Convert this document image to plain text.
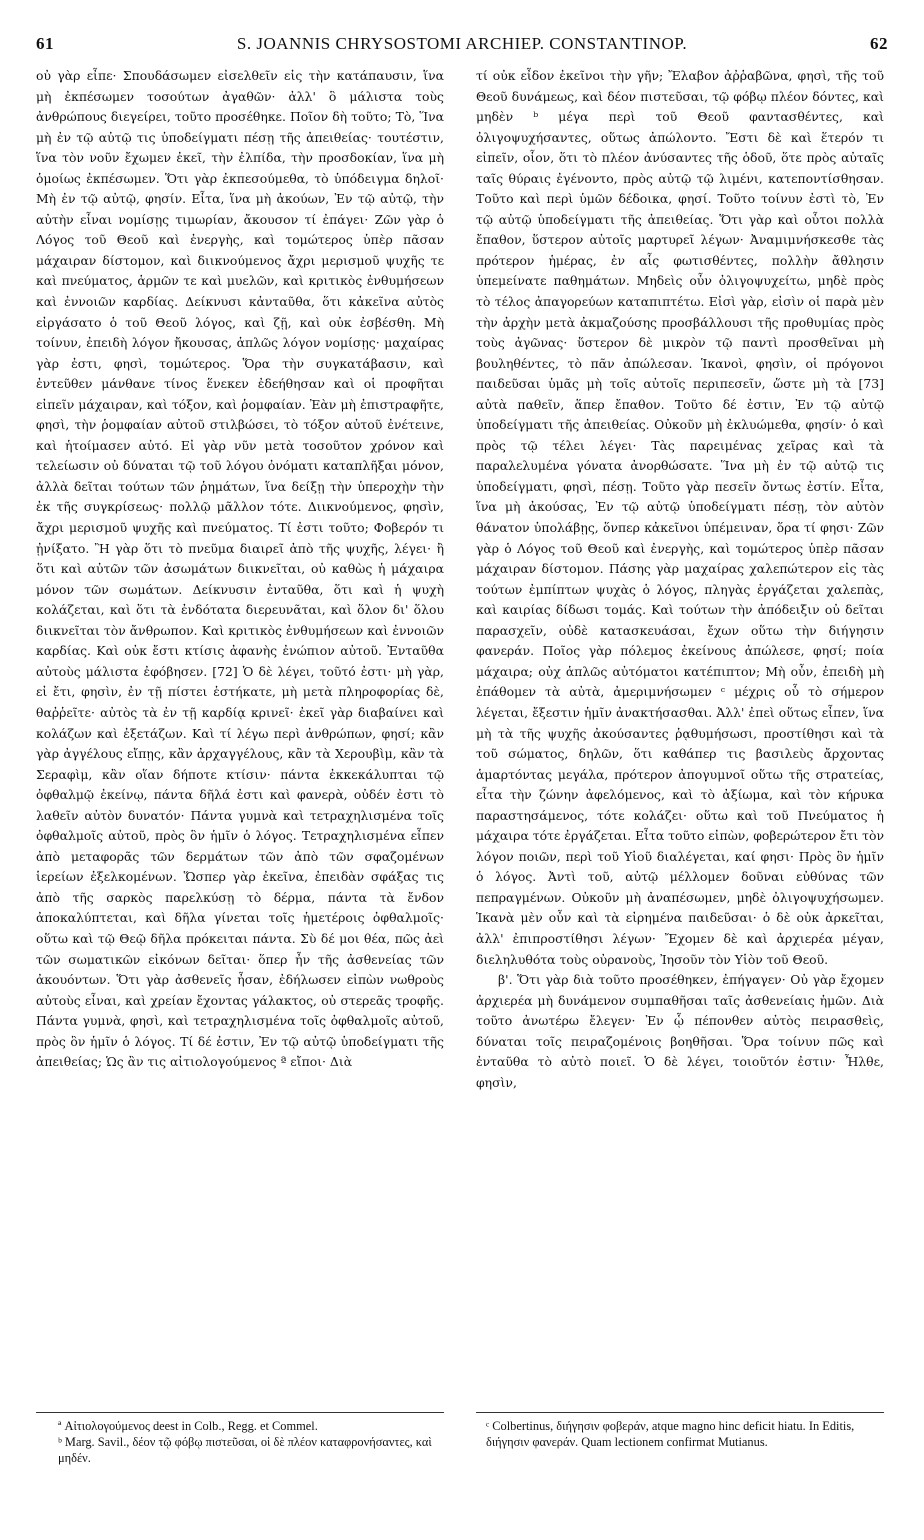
61	S. JOANNIS CHRYSOSTOMI ARCHIEP. CONSTANTINOP.	62

οὐ γὰρ εἶπε· Σπουδάσωμεν εἰσελθεῖν εἰς τὴν κατάπαυσιν, ἵνα μὴ ἐκπέσωμεν τοσούτων ἀγαθῶν· ἀλλ' ὃ μάλιστα τοὺς ἀνθρώπους διεγείρει, τοῦτο προσέθηκε. Ποῖον δὴ τοῦτο; Τὸ, Ἵνα μὴ ἐν τῷ αὐτῷ τις ὑποδείγματι πέσῃ τῆς ἀπειθείας· τουτέστιν, ἵνα τὸν νοῦν ἔχωμεν ἐκεῖ, τὴν ἐλπίδα, τὴν προσδοκίαν, ἵνα μὴ ὁμοίως ἐκπέσωμεν. Ὅτι γὰρ ἐκπεσούμεθα, τὸ ὑπόδειγμα δηλοῖ· Μὴ ἐν τῷ αὐτῷ, φησίν. Εἶτα, ἵνα μὴ ἀκούων, Ἐν τῷ αὐτῷ, τὴν αὐτὴν εἶναι νομίσῃς τιμωρίαν, ἄκουσον τί ἐπάγει· Ζῶν γὰρ ὁ Λόγος τοῦ Θεοῦ καὶ ἐνεργὴς, καὶ τομώτερος ὑπὲρ πᾶσαν μάχαιραν δίστομον, καὶ διικνούμενος ἄχρι μερισμοῦ ψυχῆς τε καὶ πνεύματος, ἁρμῶν τε καὶ μυελῶν, καὶ κριτικὸς ἐνθυμήσεων καὶ ἐννοιῶν καρδίας. Δείκνυσι κἀνταῦθα, ὅτι κἀκεῖνα αὐτὸς εἰργάσατο ὁ τοῦ Θεοῦ λόγος, καὶ ζῇ, καὶ οὐκ ἐσβέσθη. Μὴ τοίνυν, ἐπειδὴ λόγον ἤκουσας, ἁπλῶς λόγον νομίσῃς· μαχαίρας γὰρ ἐστι, φησὶ, τομώτερος. Ὅρα τὴν συγκατάβασιν, καὶ ἐντεῦθεν μάνθανε τίνος ἕνεκεν ἐδεήθησαν καὶ οἱ προφῆται εἰπεῖν μάχαιραν, καὶ τόξον, καὶ ῥομφαίαν. Ἐὰν μὴ ἐπιστραφῆτε, φησὶ, τὴν ῥομφαίαν αὐτοῦ στιλβώσει, τὸ τόξον αὐτοῦ ἐνέτεινε, καὶ ἡτοίμασεν αὐτό. Εἰ γὰρ νῦν μετὰ τοσοῦτον χρόνον καὶ τελείωσιν οὐ δύναται τῷ τοῦ λόγου ὀνόματι καταπλῆξαι μόνον, ἀλλὰ δεῖται τούτων τῶν ῥημάτων, ἵνα δείξῃ τὴν ὑπεροχὴν τὴν ἐκ τῆς συγκρίσεως· πολλῷ μᾶλλον τότε. Διικνούμενος, φησὶν, ἄχρι μερισμοῦ ψυχῆς καὶ πνεύματος. Τί ἐστι τοῦτο; Φοβερόν τι ᾐνίξατο. Ἢ γὰρ ὅτι τὸ πνεῦμα διαιρεῖ ἀπὸ τῆς ψυχῆς, λέγει· ἢ ὅτι καὶ αὐτῶν τῶν ἀσωμάτων διικνεῖται, οὐ καθὼς ἡ μάχαιρα μόνον τῶν σωμάτων. Δείκνυσιν ἐνταῦθα, ὅτι καὶ ἡ ψυχὴ κολάζεται, καὶ ὅτι τὰ ἐνδότατα διερευνᾶται, καὶ ὅλον δι' ὅλου διικνεῖται τὸν ἄνθρωπον. Καὶ κριτικὸς ἐνθυμήσεων καὶ ἐννοιῶν καρδίας. Καὶ οὐκ ἔστι κτίσις ἀφανὴς ἐνώπιον αὐτοῦ. Ἐνταῦθα αὐτοὺς μάλιστα ἐφόβησεν. [72] Ὁ δὲ λέγει, τοῦτό ἐστι· μὴ γὰρ, εἰ ἔτι, φησὶν, ἐν τῇ πίστει ἑστήκατε, μὴ μετὰ πληροφορίας δὲ, θαῤῥεῖτε· αὐτὸς τὰ ἐν τῇ καρδίᾳ κρινεῖ· ἐκεῖ γὰρ διαβαίνει καὶ κολάζων καὶ ἐξετάζων. Καὶ τί λέγω περὶ ἀνθρώπων, φησί; κἂν γὰρ ἀγγέλους εἴπῃς, κἂν ἀρχαγγέλους, κἂν τὰ Χερουβὶμ, κἂν τὰ Σεραφὶμ, κἂν οἵαν δήποτε κτίσιν· πάντα ἐκκεκάλυπται τῷ ὀφθαλμῷ ἐκείνῳ, πάντα δῆλά ἐστι καὶ φανερὰ, οὐδέν ἐστι τὸ λαθεῖν αὐτὸν δυνατόν· Πάντα γυμνὰ καὶ τετραχηλισμένα τοῖς ὀφθαλμοῖς αὐτοῦ, πρὸς ὃν ἡμῖν ὁ λόγος. Τετραχηλισμένα εἶπεν ἀπὸ μεταφορᾶς τῶν δερμάτων τῶν ἀπὸ τῶν σφαζομένων ἱερείων ἐξελκομένων. Ὥσπερ γὰρ ἐκεῖνα, ἐπειδὰν σφάξας τις ἀπὸ τῆς σαρκὸς παρελκύσῃ τὸ δέρμα, πάντα τὰ ἔνδον ἀποκαλύπτεται, καὶ δῆλα γίνεται τοῖς ἡμετέροις ὀφθαλμοῖς· οὕτω καὶ τῷ Θεῷ δῆλα πρόκειται πάντα. Σὺ δέ μοι θέα, πῶς ἀεὶ τῶν σωματικῶν εἰκόνων δεῖται· ὅπερ ἦν τῆς ἀσθενείας τῶν ἀκουόντων. Ὅτι γὰρ ἀσθενεῖς ἦσαν, ἐδήλωσεν εἰπὼν νωθροὺς αὐτοὺς εἶναι, καὶ χρείαν ἔχοντας γάλακτος, οὐ στερεᾶς τροφῆς. Πάντα γυμνὰ, φησὶ, καὶ τετραχηλισμένα τοῖς ὀφθαλμοῖς αὐτοῦ, πρὸς ὃν ἡμῖν ὁ λόγος. Τί δέ ἐστιν, Ἐν τῷ αὐτῷ ὑποδείγματι τῆς ἀπειθείας; Ὡς ἂν τις αἰτιολογούμενος ª εἴποι· Διὰ

τί οὐκ εἶδον ἐκεῖνοι τὴν γῆν; Ἔλαβον ἀῤῥαβῶνα, φησὶ, τῆς τοῦ Θεοῦ δυνάμεως, καὶ δέον πιστεῦσαι, τῷ φόβῳ πλέον δόντες, καὶ μηδὲν ᵇ μέγα περὶ τοῦ Θεοῦ φαντασθέντες, καὶ ὀλιγοψυχήσαντες, οὕτως ἀπώλοντο. Ἔστι δὲ καὶ ἕτερόν τι εἰπεῖν, οἷον, ὅτι τὸ πλέον ἀνύσαντες τῆς ὁδοῦ, ὅτε πρὸς αὐταῖς ταῖς θύραις ἐγένοντο, πρὸς αὐτῷ τῷ λιμένι, κατεποντίσθησαν. Τοῦτο καὶ περὶ ὑμῶν δέδοικα, φησί. Τοῦτο τοίνυν ἐστὶ τὸ, Ἐν τῷ αὐτῷ ὑποδείγματι τῆς ἀπειθείας. Ὅτι γὰρ καὶ οὗτοι πολλὰ ἔπαθον, ὕστερον αὐτοῖς μαρτυρεῖ λέγων· Ἀναμιμνήσκεσθε τὰς πρότερον ἡμέρας, ἐν αἷς φωτισθέντες, πολλὴν ἄθλησιν ὑπεμείνατε παθημάτων. Μηδεὶς οὖν ὀλιγοψυχείτω, μηδὲ πρὸς τὸ τέλος ἀπαγορεύων καταπιπτέτω. Εἰσὶ γὰρ, εἰσὶν οἱ παρὰ μὲν τὴν ἀρχὴν μετὰ ἀκμαζούσης προσβάλλουσι τῆς προθυμίας πρὸς τοὺς ἀγῶνας· ὕστερον δὲ μικρὸν τῷ παντὶ προσθεῖναι μὴ βουληθέντες, τὸ πᾶν ἀπώλεσαν. Ἱκανοὶ, φησὶν, οἱ πρόγονοι παιδεῦσαι ὑμᾶς μὴ τοῖς αὐτοῖς περιπεσεῖν, ὥστε μὴ τὰ [73] αὐτὰ παθεῖν, ἅπερ ἔπαθον. Τοῦτο δέ ἐστιν, Ἐν τῷ αὐτῷ ὑποδείγματι τῆς ἀπειθείας. Οὐκοῦν μὴ ἐκλυώμεθα, φησίν· ὁ καὶ πρὸς τῷ τέλει λέγει· Τὰς παρειμένας χεῖρας καὶ τὰ παραλελυμένα γόνατα ἀνορθώσατε. Ἵνα μὴ ἐν τῷ αὐτῷ τις ὑποδείγματι, φησὶ, πέσῃ. Τοῦτο γὰρ πεσεῖν ὄντως ἐστίν. Εἶτα, ἵνα μὴ ἀκούσας, Ἐν τῷ αὐτῷ ὑποδείγματι πέσῃ, τὸν αὐτὸν θάνατον ὑπολάβῃς, ὅνπερ κἀκεῖνοι ὑπέμειναν, ὅρα τί φησι· Ζῶν γὰρ ὁ Λόγος τοῦ Θεοῦ καὶ ἐνεργὴς, καὶ τομώτερος ὑπὲρ πᾶσαν μάχαιραν δίστομον. Πάσης γὰρ μαχαίρας χαλεπώτερον εἰς τὰς τούτων ἐμπίπτων ψυχὰς ὁ λόγος, πληγὰς ἐργάζεται χαλεπὰς, καὶ καιρίας δίδωσι τομάς. Καὶ τούτων τὴν ἀπόδειξιν οὐ δεῖται παρασχεῖν, οὐδὲ κατασκευάσαι, ἔχων οὕτω τὴν διήγησιν φανεράν. Ποῖος γὰρ πόλεμος ἐκείνους ἀπώλεσε, φησί; ποία μάχαιρα; οὐχ ἁπλῶς αὐτόματοι κατέπιπτον; Μὴ οὖν, ἐπειδὴ μὴ ἐπάθομεν τὰ αὐτὰ, ἀμεριμνήσωμεν ᶜ μέχρις οὗ τὸ σήμερον λέγεται, ἔξεστιν ἡμῖν ἀνακτήσασθαι. Ἀλλ' ἐπεὶ οὕτως εἶπεν, ἵνα μὴ τὰ τῆς ψυχῆς ἀκούσαντες ῥᾳθυμήσωσι, προστίθησι καὶ τὰ τοῦ σώματος, δηλῶν, ὅτι καθάπερ τις βασιλεὺς ἄρχοντας ἁμαρτόντας μεγάλα, πρότερον ἀπογυμνοῖ οὕτω τῆς στρατείας, εἶτα τὴν ζώνην ἀφελόμενος, καὶ τὸ ἀξίωμα, καὶ τὸν κήρυκα παραστησάμενος, τότε κολάζει· οὕτω καὶ τοῦ Πνεύματος ἡ μάχαιρα τότε ἐργάζεται. Εἶτα τοῦτο εἰπὼν, φοβερώτερον ἔτι τὸν λόγον ποιῶν, περὶ τοῦ Υἱοῦ διαλέγεται, καί φησι· Πρὸς ὃν ἡμῖν ὁ λόγος. Ἀντὶ τοῦ, αὐτῷ μέλλομεν δοῦναι εὐθύνας τῶν πεπραγμένων. Οὐκοῦν μὴ ἀναπέσωμεν, μηδὲ ὀλιγοψυχήσωμεν. Ἱκανὰ μὲν οὖν καὶ τὰ εἰρημένα παιδεῦσαι· ὁ δὲ οὐκ ἀρκεῖται, ἀλλ' ἐπιπροστίθησι λέγων· Ἔχομεν δὲ καὶ ἀρχιερέα μέγαν, διεληλυθότα τοὺς οὐρανοὺς, Ἰησοῦν τὸν Υἱὸν τοῦ Θεοῦ.

β'. Ὅτι γὰρ διὰ τοῦτο προσέθηκεν, ἐπήγαγεν· Οὐ γὰρ ἔχομεν ἀρχιερέα μὴ δυνάμενον συμπαθῆσαι ταῖς ἀσθενείαις ἡμῶν. Διὰ τοῦτο ἀνωτέρω ἔλεγεν· Ἐν ᾧ πέπονθεν αὐτὸς πειρασθεὶς, δύναται τοῖς πειραζομένοις βοηθῆσαι. Ὅρα τοίνυν πῶς καὶ ἐνταῦθα τὸ αὐτὸ ποιεῖ. Ὁ δὲ λέγει, τοιοῦτόν ἐστιν· Ἦλθε, φησὶν,

ª Αἰτιολογούμενος deest in Colb., Regg. et Commel.

ᵇ Marg. Savil., δέον τῷ φόβῳ πιστεῦσαι, οἱ δὲ πλέον καταφρονήσαντες, καὶ μηδέν.

ᶜ Colbertinus, διήγησιν φοβεράν, atque magno hinc deficit hiatu. In Editis, διήγησιν φανεράν. Quam lectionem confirmat Mutianus.
